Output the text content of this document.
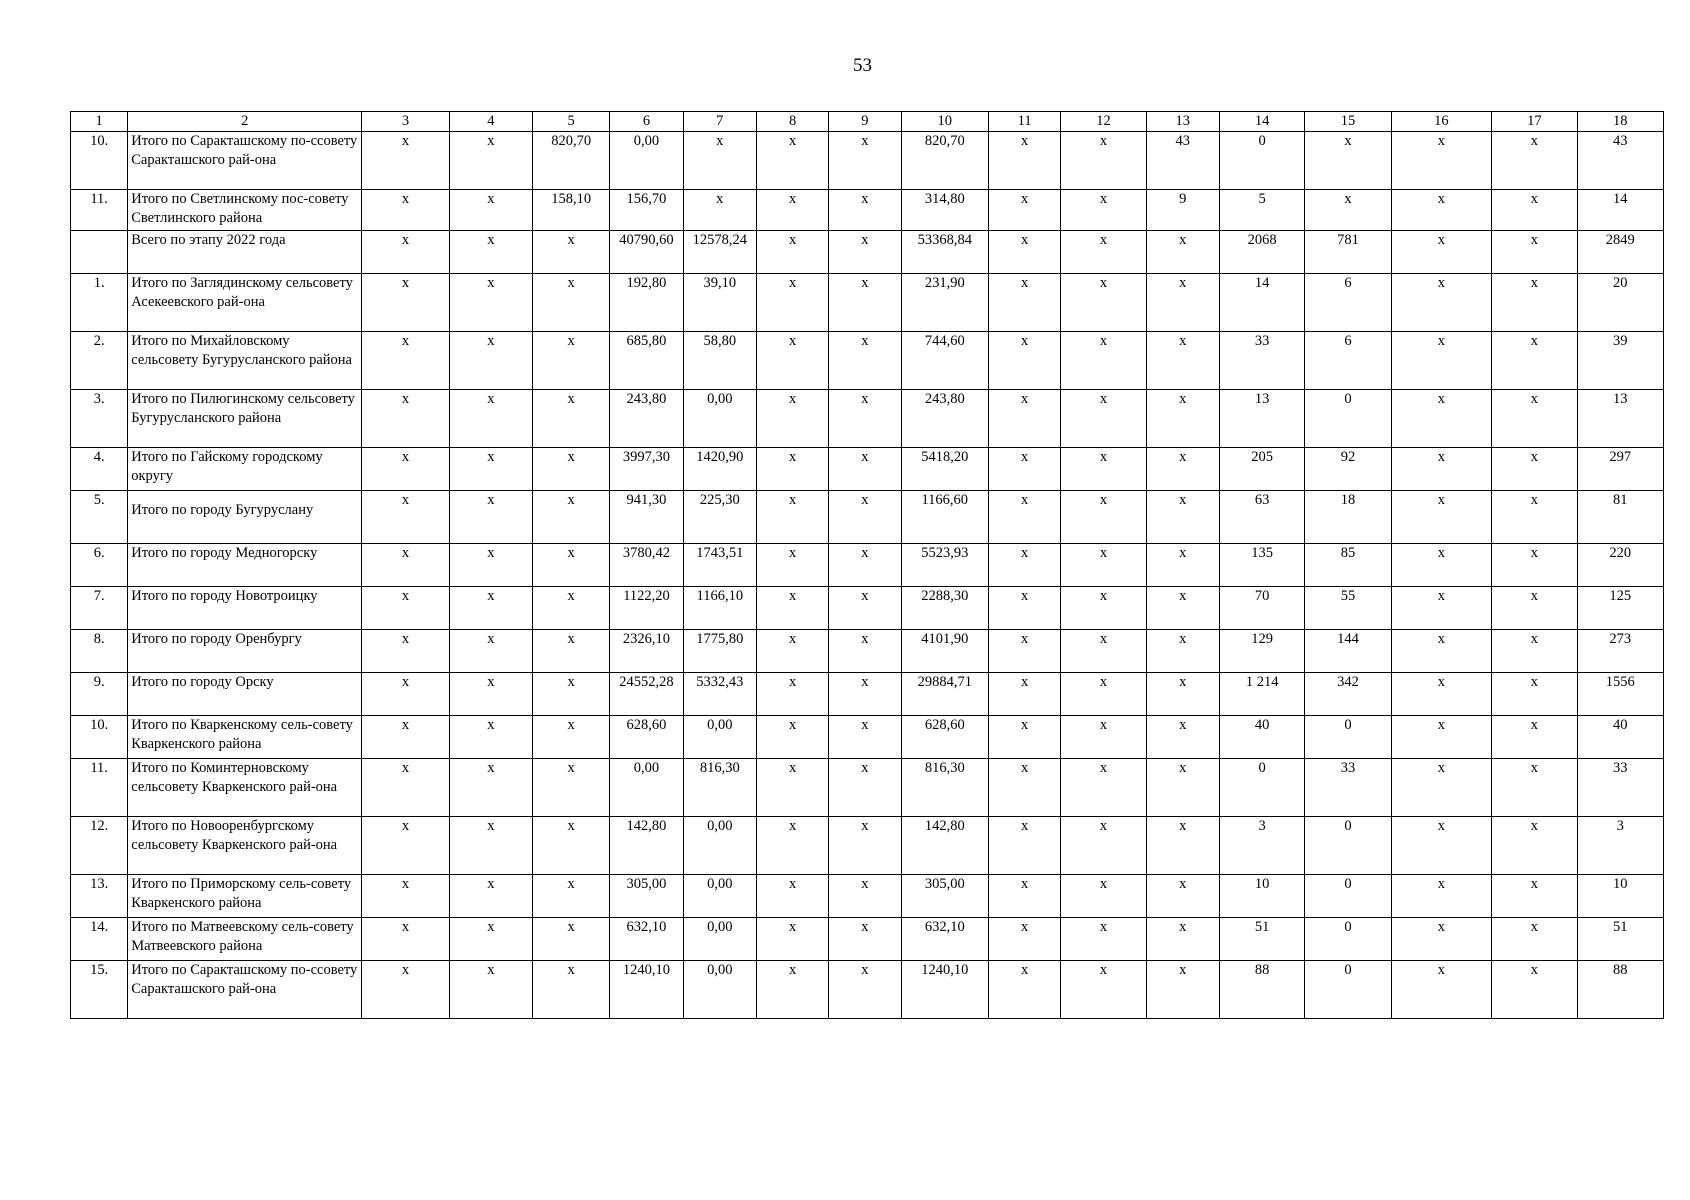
53
1	2	3	4	5	6	7	8	9	10	11	12	13	14	15	16	17	18
10.	Итого по Саракташскому по-ссовету Саракташского рай-она	x	x	820,70	0,00	x	x	x	820,70	x	x	43	0	x	x	x	43
11.	Итого по Светлинскому пос-совету Светлинского района	x	x	158,10	156,70	x	x	x	314,80	x	x	9	5	x	x	x	14
	Всего по этапу 2022 года	x	x	x	40790,60	12578,24	x	x	53368,84	x	x	x	2068	781	x	x	2849
1.	Итого по Заглядинскому сельсовету Асекеевского рай-она	x	x	x	192,80	39,10	x	x	231,90	x	x	x	14	6	x	x	20
2.	Итого по Михайловскому сельсовету Бугурусланского района	x	x	x	685,80	58,80	x	x	744,60	x	x	x	33	6	x	x	39
3.	Итого по Пилюгинскому сельсовету Бугурусланского района	x	x	x	243,80	0,00	x	x	243,80	x	x	x	13	0	x	x	13
4.	Итого по Гайскому городскому округу	x	x	x	3997,30	1420,90	x	x	5418,20	x	x	x	205	92	x	x	297
5.	Итого по городу Бугуруслану	x	x	x	941,30	225,30	x	x	1166,60	x	x	x	63	18	x	x	81
6.	Итого по городу Медногорску	x	x	x	3780,42	1743,51	x	x	5523,93	x	x	x	135	85	x	x	220
7.	Итого по городу Новотроицку	x	x	x	1122,20	1166,10	x	x	2288,30	x	x	x	70	55	x	x	125
8.	Итого по городу Оренбургу	x	x	x	2326,10	1775,80	x	x	4101,90	x	x	x	129	144	x	x	273
9.	Итого по городу Орску	x	x	x	24552,28	5332,43	x	x	29884,71	x	x	x	1 214	342	x	x	1556
10.	Итого по Кваркенскому сель-совету Кваркенского района	x	x	x	628,60	0,00	x	x	628,60	x	x	x	40	0	x	x	40
11.	Итого по Коминтерновскому сельсовету Кваркенского рай-она	x	x	x	0,00	816,30	x	x	816,30	x	x	x	0	33	x	x	33
12.	Итого по Новооренбургскому сельсовету Кваркенского рай-она	x	x	x	142,80	0,00	x	x	142,80	x	x	x	3	0	x	x	3
13.	Итого по Приморскому сель-совету Кваркенского района	x	x	x	305,00	0,00	x	x	305,00	x	x	x	10	0	x	x	10
14.	Итого по Матвеевскому сель-совету Матвеевского района	x	x	x	632,10	0,00	x	x	632,10	x	x	x	51	0	x	x	51
15.	Итого по Саракташскому по-ссовету Саракташского рай-она	x	x	x	1240,10	0,00	x	x	1240,10	x	x	x	88	0	x	x	88
